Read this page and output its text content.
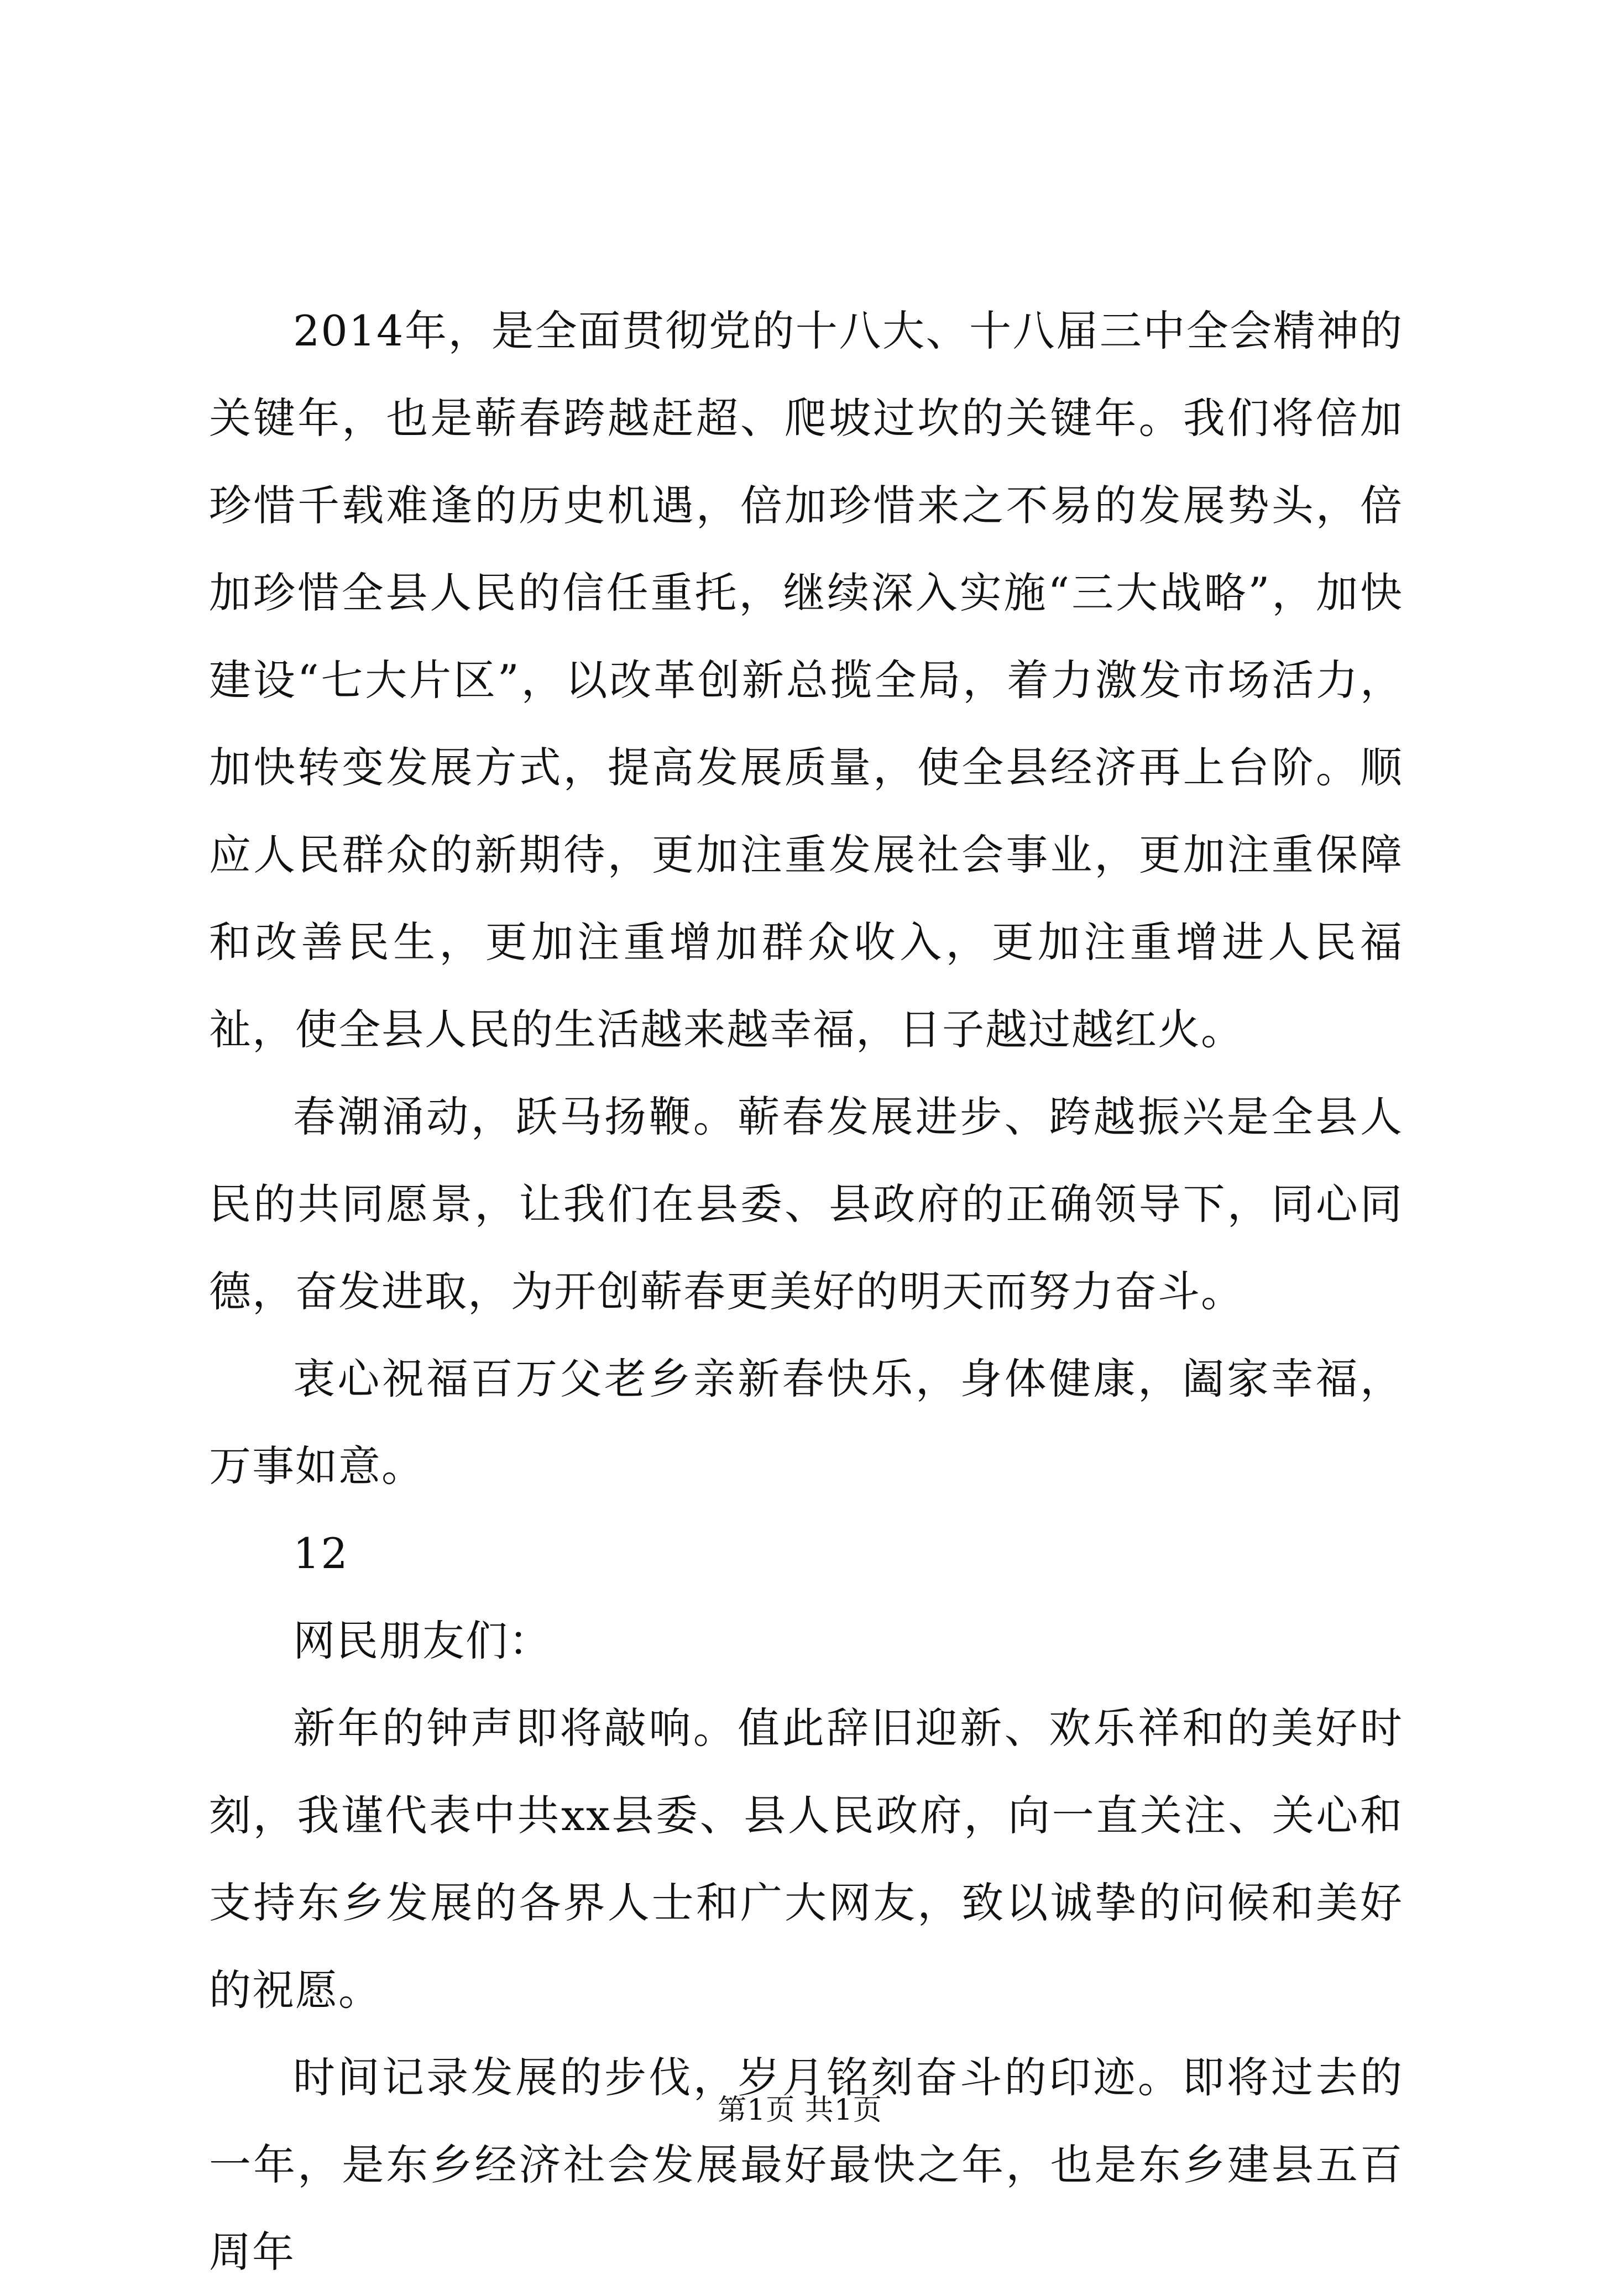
2014年，是全面贯彻党的十八大、十八届三中全会精神的关键年，也是蕲春跨越赶超、爬坡过坎的关键年。我们将倍加珍惜千载难逢的历史机遇，倍加珍惜来之不易的发展势头，倍加珍惜全县人民的信任重托，继续深入实施“三大战略”，加快建设“七大片区”，以改革创新总揽全局，着力激发市场活力，加快转变发展方式，提高发展质量，使全县经济再上台阶。顺应人民群众的新期待，更加注重发展社会事业，更加注重保障和改善民生，更加注重增加群众收入，更加注重增进人民福祉，使全县人民的生活越来越幸福，日子越过越红火。

春潮涌动，跃马扬鞭。蕲春发展进步、跨越振兴是全县人民的共同愿景，让我们在县委、县政府的正确领导下，同心同德，奋发进取，为开创蕲春更美好的明天而努力奋斗。

衷心祝福百万父老乡亲新春快乐，身体健康，阖家幸福，万事如意。

12

网民朋友们：

新年的钟声即将敲响。值此辞旧迎新、欢乐祥和的美好时刻，我谨代表中共xx县委、县人民政府，向一直关注、关心和支持东乡发展的各界人士和广大网友，致以诚挚的问候和美好的祝愿。

时间记录发展的步伐，岁月铭刻奋斗的印迹。即将过去的一年，是东乡经济社会发展最好最快之年，也是东乡建县五百周年

第1页 共1页
